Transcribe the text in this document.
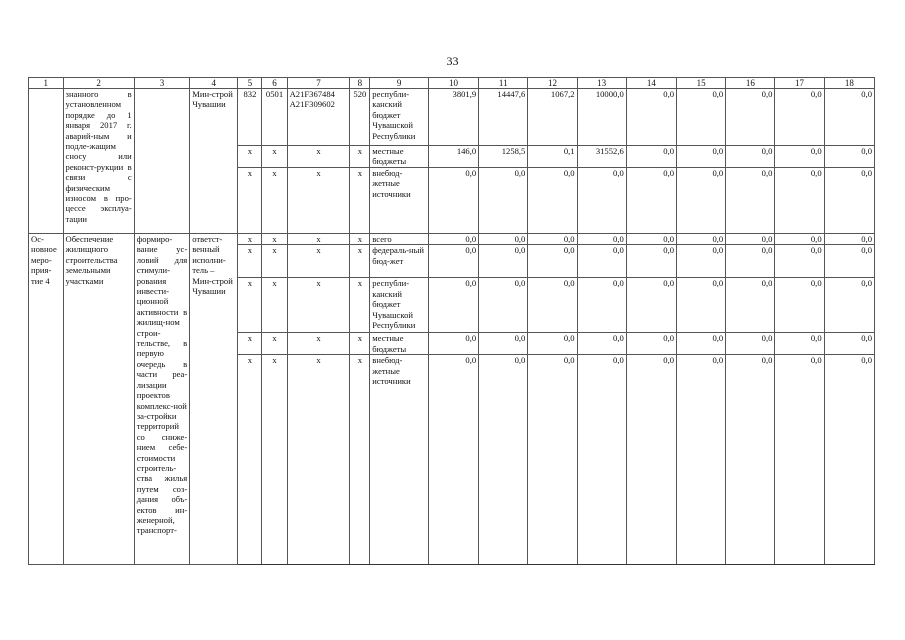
33
1	2	3	4	5	6	7	8	9	10	11	12	13	14	15	16	17	18
	знанного в установленном порядке до 1 января 2017 г. аварий-ным и подле-жащим сносу или реконст-рукции в связи с физическим износом в про-цессе эксплуа-тации		Мин-строй Чувашии	832	0501	A21F367484 A21F309602	520	республи-канский бюджет Чувашской Республики	3801,9	14447,6	1067,2	10000,0	0,0	0,0	0,0	0,0	0,0
				x	x	x	x	местные бюджеты	146,0	1258,5	0,1	31552,6	0,0	0,0	0,0	0,0	0,0
				x	x	x	x	внебюд-жетные источники	0,0	0,0	0,0	0,0	0,0	0,0	0,0	0,0	0,0
Ос-новное меро-прия-тие 4	Обеспечение жилищного строительства земельными участками	формиро-вание ус-ловий для стимули-рования инвести-ционной активности в жилищ-ном строи-тельстве, в первую очередь в части реа-лизации проектов комплекс-ной за-стройки территорий со сниже-нием себе-стоимости строитель-ства жилья путем соз-дания объ-ектов ин-женерной, транспорт-	ответст-венный исполни-тель – Мин-строй Чувашии	x	x	x	x	всего	0,0	0,0	0,0	0,0	0,0	0,0	0,0	0,0	0,0
				x	x	x	x	федераль-ный бюд-жет	0,0	0,0	0,0	0,0	0,0	0,0	0,0	0,0	0,0
				x	x	x	x	республи-канский бюджет Чувашской Республики	0,0	0,0	0,0	0,0	0,0	0,0	0,0	0,0	0,0
				x	x	x	x	местные бюджеты	0,0	0,0	0,0	0,0	0,0	0,0	0,0	0,0	0,0
				x	x	x	x	внебюд-жетные источники	0,0	0,0	0,0	0,0	0,0	0,0	0,0	0,0	0,0
